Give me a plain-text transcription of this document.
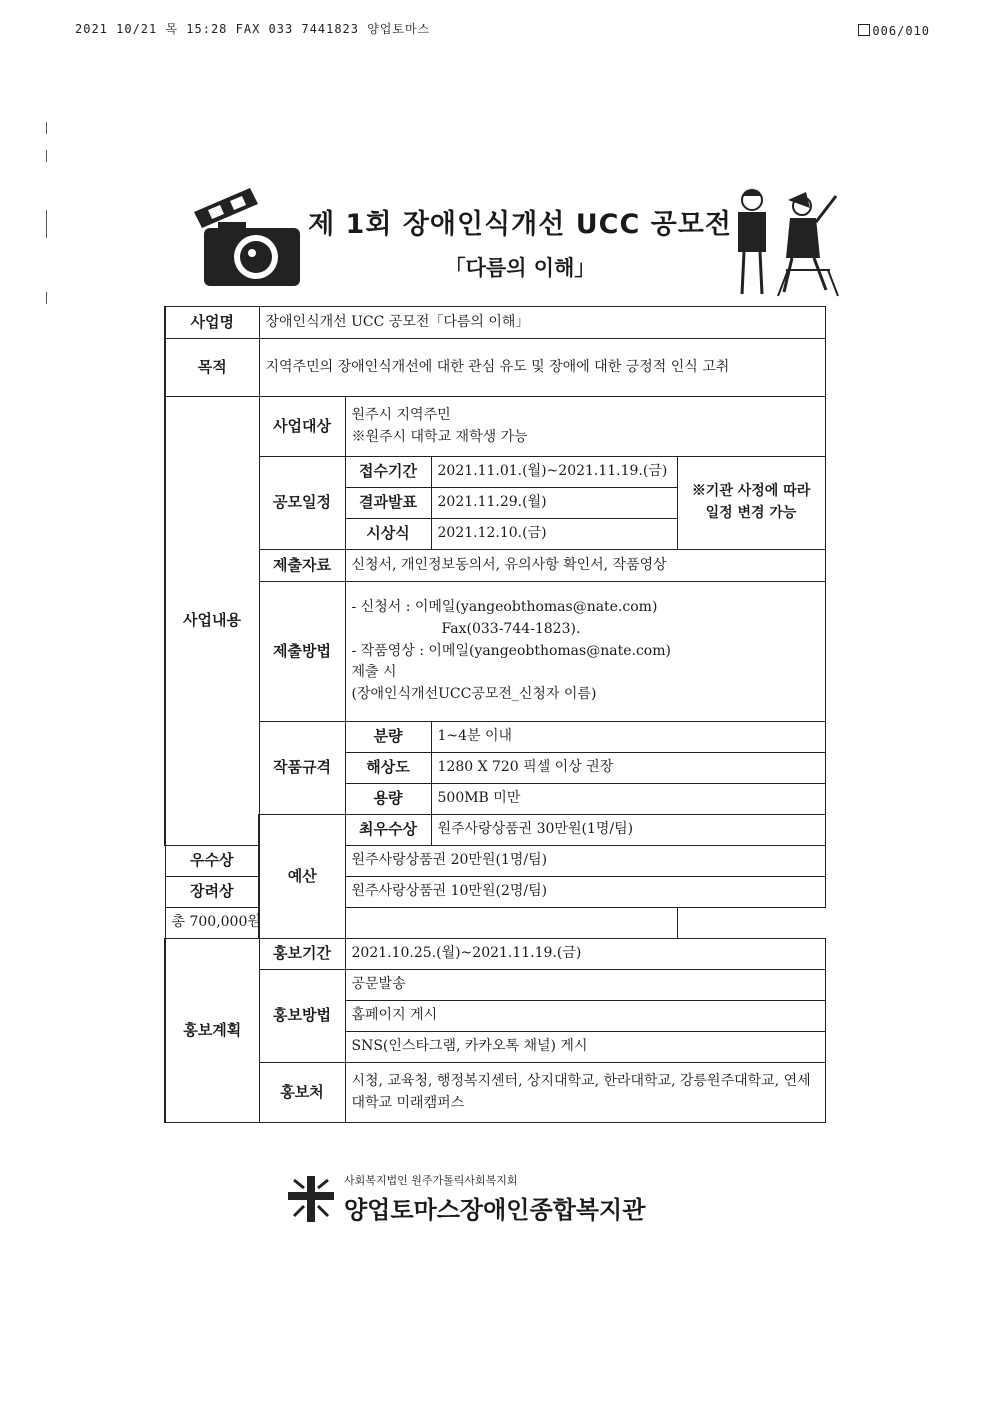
2021 10/21 목 15:28 FAX 033 7441823 양업토마스	006/010
제 1회 장애인식개선 UCC 공모전
「다름의 이해」
사업명	장애인식개선 UCC 공모전「다름의 이해」			
목적	지역주민의 장애인식개선에 대한 관심 유도 및 장애에 대한 긍정적 인식 고취			
사업내용	사업대상	원주시 지역주민
※원주시 대학교 재학생 가능		

	공모일정	접수기간	2021.11.01.(월)~2021.11.19.(금)	※기관 사정에 따라 일정 변경 가능
		결과발표	2021.11.29.(월)	
		시상식	2021.12.10.(금)	
	제출자료	신청서, 개인정보동의서, 유의사항 확인서, 작품영상		
	제출방법	- 신청서 : 이메일(yangeobthomas@nate.com)
Fax(033-744-1823).
- 작품영상 : 이메일(yangeobthomas@nate.com)
제출 시
(장애인식개선UCC공모전_신청자 이름)		

	작품규격	분량	1~4분 이내	
		해상도	1280 X 720 픽셀 이상 권장	
		용량	500MB 미만	
	예산	최우수상	원주사랑상품권 30만원(1명/팀)	
우수상		원주사랑상품권 20만원(1명/팀)		
장려상		원주사랑상품권 10만원(2명/팀)		
총 700,000원				
홍보계획	홍보기간	2021.10.25.(월)~2021.11.19.(금)		
	홍보방법	공문발송		
		홈페이지 게시		
		SNS(인스타그램, 카카오톡 채널) 게시		
	홍보처	시청, 교육청, 행정복지센터, 상지대학교, 한라대학교, 강릉원주대학교, 연세대학교 미래캠퍼스		
사회복지법인 원주가톨릭사회복지회
양업토마스장애인종합복지관
